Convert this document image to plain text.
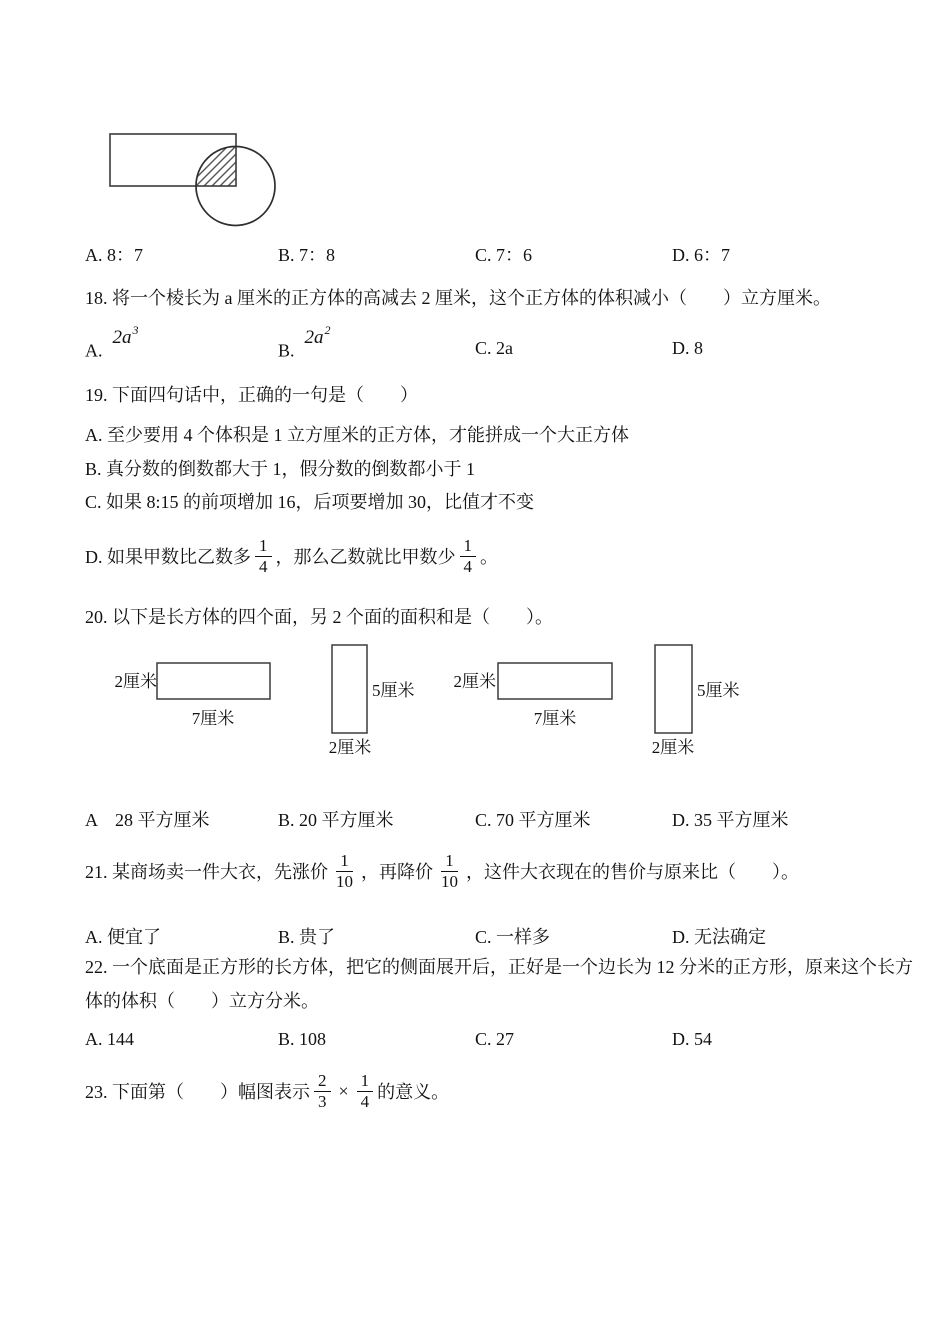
A. 8：7	B. 7：8	C. 7：6	D. 6：7
18. 将一个棱长为 a 厘米的正方体的高减去 2 厘米，这个正方体的体积减小（　　）立方厘米。
$A.2a^3$
$B.2a^2$
C. 2a	D. 8
19. 下面四句话中，正确的一句是（　　）
A. 至少要用 4 个体积是 1 立方厘米的正方体，才能拼成一个大正方体
B. 真分数的倒数都大于 1，假分数的倒数都小于 1
C. 如果 8:15 的前项增加 16，后项要增加 30，比值才不变
D. 如果甲数比乙数多 $\frac{1}{4}$ ，那么乙数就比甲数少 $\frac{1}{4}$ 。
20. 以下是长方体的四个面，另 2 个面的面积和是（　　）。
2厘米
7厘米
5厘米
2厘米
2厘米
7厘米
5厘米
2厘米
A　28 平方厘米	B. 20 平方厘米	C. 70 平方厘米	D. 35 平方厘米
21. 某商场卖一件大衣，先涨价 $\frac{1}{10}$ ，再降价 $\frac{1}{10}$ ，这件大衣现在的售价与原来比（　　）。
A. 便宜了	B. 贵了	C. 一样多	D. 无法确定
22. 一个底面是正方形的长方体，把它的侧面展开后，正好是一个边长为 12 分米的正方形，原来这个长方
体的体积（　　）立方分米。
A. 144	B. 108	C. 27	D. 54
23. 下面第（　　）幅图表示 $\frac{2}{3} \times \frac{1}{4}$ 的意义。
